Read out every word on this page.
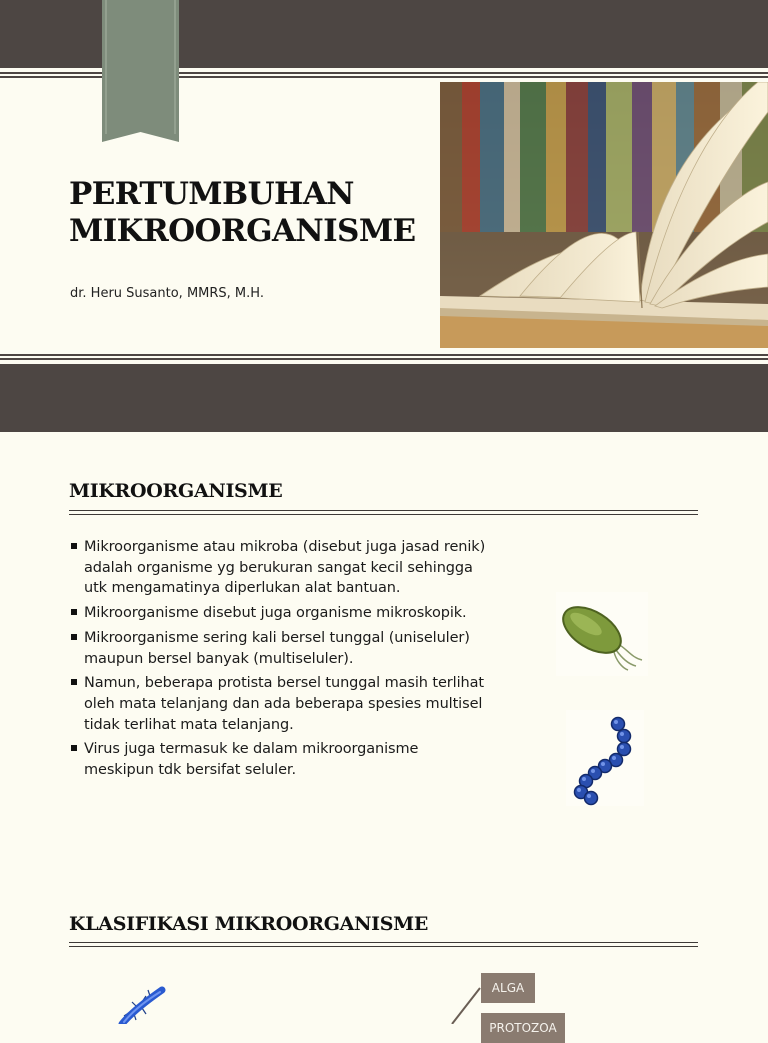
PERTUMBUHAN
MIKROORGANISME
dr. Heru Susanto, MMRS, M.H.
MIKROORGANISME
Mikroorganisme atau mikroba (disebut juga jasad renik) adalah organisme yg berukuran sangat kecil sehingga utk mengamatinya diperlukan alat bantuan.
Mikroorganisme disebut juga organisme mikroskopik.
Mikroorganisme sering kali bersel tunggal (uniseluler) maupun bersel banyak (multiseluler).
Namun, beberapa protista bersel tunggal masih terlihat oleh mata telanjang dan ada beberapa spesies multisel tidak terlihat mata telanjang.
Virus juga termasuk ke dalam mikroorganisme meskipun tdk bersifat seluler.
KLASIFIKASI MIKROORGANISME
ALGA
PROTOZOA
